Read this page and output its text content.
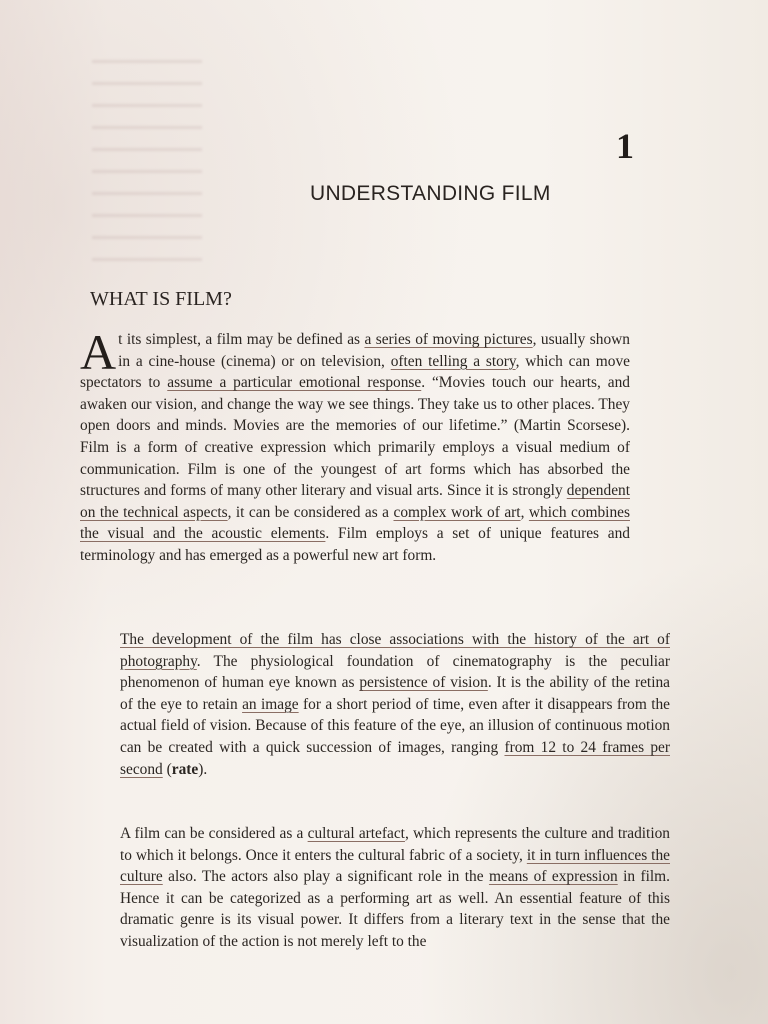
1
UNDERSTANDING FILM
WHAT IS FILM?
At its simplest, a film may be defined as a series of moving pictures, usually shown in a cine-house (cinema) or on television, often telling a story, which can move spectators to assume a particular emotional response. “Movies touch our hearts, and awaken our vision, and change the way we see things. They take us to other places. They open doors and minds. Movies are the memories of our lifetime.” (Martin Scorsese). Film is a form of creative expression which primarily employs a visual medium of communication. Film is one of the youngest of art forms which has absorbed the structures and forms of many other literary and visual arts. Since it is strongly dependent on the technical aspects, it can be considered as a complex work of art, which combines the visual and the acoustic elements. Film employs a set of unique features and terminology and has emerged as a powerful new art form.
The development of the film has close associations with the history of the art of photography. The physiological foundation of cinematography is the peculiar phenomenon of human eye known as persistence of vision. It is the ability of the retina of the eye to retain an image for a short period of time, even after it disappears from the actual field of vision. Because of this feature of the eye, an illusion of continuous motion can be created with a quick succession of images, ranging from 12 to 24 frames per second (rate).
A film can be considered as a cultural artefact, which represents the culture and tradition to which it belongs. Once it enters the cultural fabric of a society, it in turn influences the culture also. The actors also play a significant role in the means of expression in film. Hence it can be categorized as a performing art as well. An essential feature of this dramatic genre is its visual power. It differs from a literary text in the sense that the visualization of the action is not merely left to the
